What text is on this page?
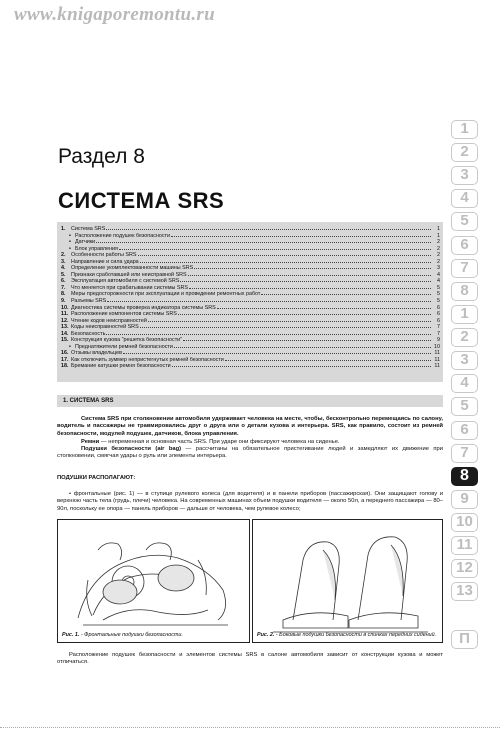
www.knigaporemontu.ru
Раздел 8
СИСТЕМА SRS
1.	Система SRS	1
• Расположение подушек безопасности	1
• Датчики	2
• Блок управления	2
2.	Особенности работы SRS	2
3.	Направление и сила удара	2
4.	Определение укомплектованности машины SRS	3
5.	Признаки сработавшей или неисправной SRS	4
6.	Эксплуатация автомобиля с системой SRS	4
7.	Что меняется при срабатывании системы SRS	5
8.	Меры предосторожности при эксплуатации и проведении ремонтных работ	5
9.	Разъемы SRS	5
10. Диагностика системы проверка индикатора системы SRS	6
11. Расположение компонентов системы SRS	6
12. Чтение кодов неисправностей	6
13. Коды неисправностей SRS	7
14. Безопасность	7
15. Конструкция кузова "решетка безопасности"	9
• Преднатяжители ремней безопасности	10
16. Отзывы владельцев	11
17. Как отключить зуммер непристегнутых ремней безопасности	11
18. Бремание катушки ремня безопасности	11
1. СИСТЕМА SRS
Система SRS при столкновении автомобиля удерживает человека на месте, чтобы, бесконтрольно перемещаясь по салону, водитель и пассажиры не травмировались друг о друга или о детали кузова и интерьера. SRS, как правило, состоит из ремней безопасности, модулей подушек, датчиков, блока управления.
Ремни — непременная и основная часть SRS. При ударе они фиксируют человека на сиденье.
Подушки безопасности (air bag) — рассчитаны на обязательное пристегивание людей и замедляют их движение при столкновении, смягчая удары о руль или элементы интерьера.
ПОДУШКИ РАСПОЛАГАЮТ:
• фронтальные (рис. 1) — в ступице рулевого колеса (для водителя) и в панели приборов (пассажирская). Они защищают голову и верхнюю часть тела (грудь, плечи) человека. На современных машинах объем подушки водителя — около 50л, а переднего пассажира — 80–90л, поскольку ее опора — панель приборов — дальше от человека, чем рулевое колесо;
Рис. 1. - Фронтальные подушки безопасности.	Рис. 2. - Боковые подушки безопасности в спинках передних сидений.
Расположение подушек безопасности и элементов системы SRS в салоне автомобиля зависит от конструкции кузова и может отличаться.
1
2
3
4
5
6
7
8
1
2
3
4
5
6
7
8
9
10
11
12
13
П
